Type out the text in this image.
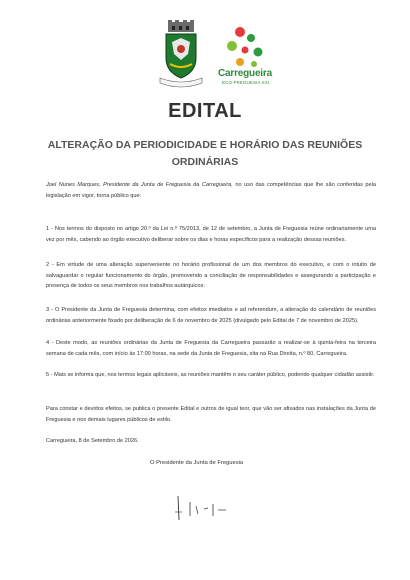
Carregueira
ECO-FREGUESIA XXI
EDITAL
ALTERAÇÃO DA PERIODICIDADE E HORÁRIO DAS REUNIÕES ORDINÁRIAS
Joel Nunes Marques, Presidente da Junta de Freguesia da Carregueira, no uso das competências que lhe são conferidas pela legislação em vigor, torna público que:
1 - Nos termos do disposto no artigo 20.º da Lei n.º 75/2013, de 12 de setembro, a Junta de Freguesia reúne ordinariamente uma vez por mês, cabendo ao órgão executivo deliberar sobre os dias e horas específicos para a realização dessas reuniões.
2 - Em virtude de uma alteração superveniente no horário profissional de um dos membros do executivo, e com o intuito de salvaguardar o regular funcionamento do órgão, promovendo a conciliação de responsabilidades e assegurando a participação e presença de todos os seus membros nos trabalhos autárquicos:
3 - O Presidente da Junta de Freguesia determina, com efeitos imediatos e ad referendum, a alteração do calendário de reuniões ordinárias anteriormente fixado por deliberação de 6 de novembro de 2025 (divulgado pelo Edital de 7 de novembro de 2025).
4 - Deste modo, as reuniões ordinárias da Junta de Freguesia da Carregueira passarão a realizar-se à quinta-feira na terceira semana de cada mês, com início às 17:00 horas, na sede da Junta de Freguesia, sita na Rua Direita, n.º 80, Carregueira.
5 - Mais se informa que, nos termos legais aplicáveis, as reuniões mantêm o seu caráter público, podendo qualquer cidadão assistir.
Para constar e devidos efeitos, se publica o presente Edital e outros de igual teor, que vão ser afixados nas instalações da Junta de Freguesia e nos demais lugares públicos de estilo.
Carregueira, 8 de Setembro de 2026.
O Presidente da Junta de Freguesia
